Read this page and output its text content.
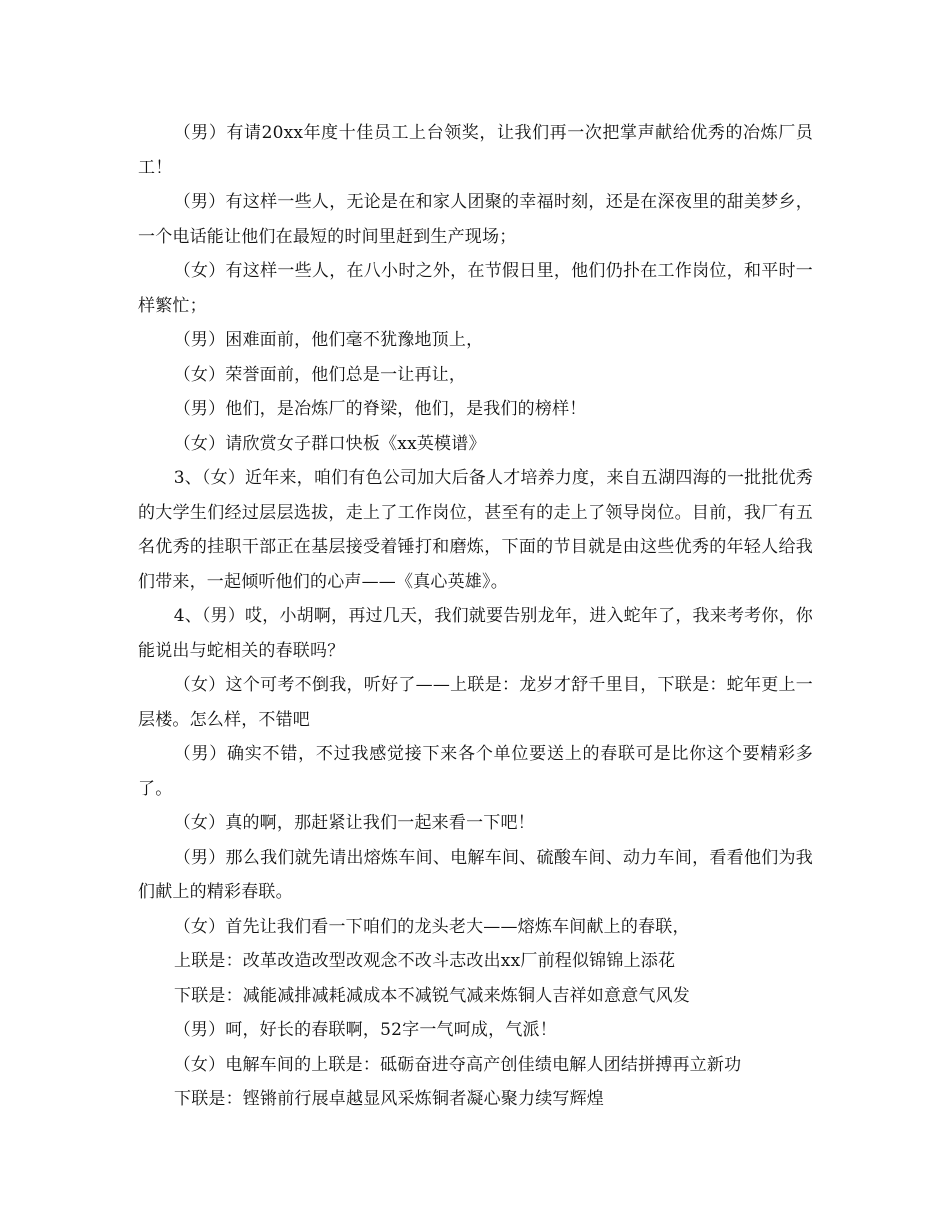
（男）有请20xx年度十佳员工上台领奖，让我们再一次把掌声献给优秀的冶炼厂员工！

（男）有这样一些人，无论是在和家人团聚的幸福时刻，还是在深夜里的甜美梦乡，一个电话能让他们在最短的时间里赶到生产现场；

（女）有这样一些人，在八小时之外，在节假日里，他们仍扑在工作岗位，和平时一样繁忙；

（男）困难面前，他们毫不犹豫地顶上，

（女）荣誉面前，他们总是一让再让，

（男）他们，是冶炼厂的脊梁，他们，是我们的榜样！

（女）请欣赏女子群口快板《xx英模谱》

3、（女）近年来，咱们有色公司加大后备人才培养力度，来自五湖四海的一批批优秀的大学生们经过层层选拔，走上了工作岗位，甚至有的走上了领导岗位。目前，我厂有五名优秀的挂职干部正在基层接受着锤打和磨炼，下面的节目就是由这些优秀的年轻人给我们带来，一起倾听他们的心声——《真心英雄》。

4、（男）哎，小胡啊，再过几天，我们就要告别龙年，进入蛇年了，我来考考你，你能说出与蛇相关的春联吗？

（女）这个可考不倒我，听好了——上联是：龙岁才舒千里目，下联是：蛇年更上一层楼。怎么样，不错吧

（男）确实不错，不过我感觉接下来各个单位要送上的春联可是比你这个要精彩多了。

（女）真的啊，那赶紧让我们一起来看一下吧！

（男）那么我们就先请出熔炼车间、电解车间、硫酸车间、动力车间，看看他们为我们献上的精彩春联。

（女）首先让我们看一下咱们的龙头老大——熔炼车间献上的春联，

上联是：改革改造改型改观念不改斗志改出xx厂前程似锦锦上添花

下联是：减能减排减耗减成本不减锐气减来炼铜人吉祥如意意气风发

（男）呵，好长的春联啊，52字一气呵成，气派！

（女）电解车间的上联是：砥砺奋进夺高产创佳绩电解人团结拼搏再立新功

下联是：铿锵前行展卓越显风采炼铜者凝心聚力续写辉煌
